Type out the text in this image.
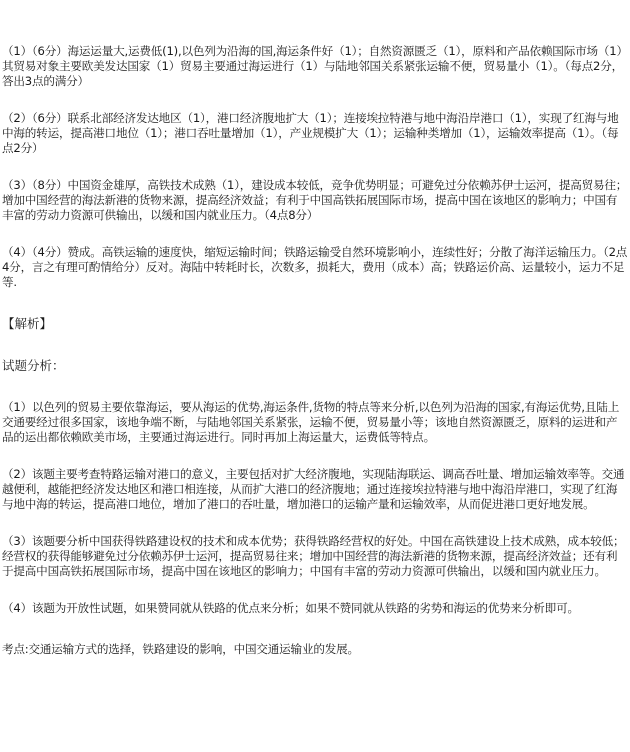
（1）（6分）海运运量大,运费低(1),以色列为沿海的国,海运条件好（1）；自然资源匮乏（1），原料和产品依赖国际市场（1）其贸易对象主要欧美发达国家（1）贸易主要通过海运进行（1）与陆地邻国关系紧张运输不便，贸易量小（1）。（每点2分，答出3点的满分）

（2）（6分）联系北部经济发达地区（1），港口经济腹地扩大（1）；连接埃拉特港与地中海沿岸港口（1），实现了红海与地中海的转运，提高港口地位（1）；港口吞吐量增加（1），产业规模扩大（1）；运输种类增加（1），运输效率提高（1）。（每点2分）

（3）（8分）中国资金雄厚，高铁技术成熟（1），建设成本较低，竞争优势明显；可避免过分依赖苏伊士运河，提高贸易往；增加中国经营的海法新港的货物来源，提高经济效益；有利于中国高铁拓展国际市场，提高中国在该地区的影响力；中国有丰富的劳动力资源可供输出，以缓和国内就业压力。（4点8分）

（4）（4分）赞成。高铁运输的速度快，缩短运输时间；铁路运输受自然环境影响小，连续性好；分散了海洋运输压力。（2点4分，言之有理可酌情给分）反对。海陆中转耗时长，次数多，损耗大，费用（成本）高；铁路运价高、运量较小，运力不足等.

【解析】

试题分析：

（1）以色列的贸易主要依靠海运，要从海运的优势,海运条件,货物的特点等来分析,以色列为沿海的国家,有海运优势,且陆上交通要经过很多国家，该地争端不断，与陆地邻国关系紧张，运输不便，贸易量小等；该地自然资源匮乏，原料的运进和产品的运出都依赖欧美市场，主要通过海运进行。同时再加上海运量大，运费低等特点。

（2）该题主要考查特路运输对港口的意义，主要包括对扩大经济腹地，实现陆海联运、调高吞吐量、增加运输效率等。交通越便利，越能把经济发达地区和港口相连接，从而扩大港口的经济腹地；通过连接埃拉特港与地中海沿岸港口，实现了红海与地中海的转运，提高港口地位，增加了港口的吞吐量，增加港口的运输产量和运输效率，从而促进港口更好地发展。

（3）该题要分析中国获得铁路建设权的技术和成本优势；获得铁路经营权的好处。中国在高铁建设上技术成熟，成本较低；经营权的获得能够避免过分依赖苏伊士运河，提高贸易往来；增加中国经营的海法新港的货物来源，提高经济效益；还有利于提高中国高铁拓展国际市场，提高中国在该地区的影响力；中国有丰富的劳动力资源可供输出，以缓和国内就业压力。

（4）该题为开放性试题，如果赞同就从铁路的优点来分析；如果不赞同就从铁路的劣势和海运的优势来分析即可。

考点:交通运输方式的选择，铁路建设的影响，中国交通运输业的发展。
